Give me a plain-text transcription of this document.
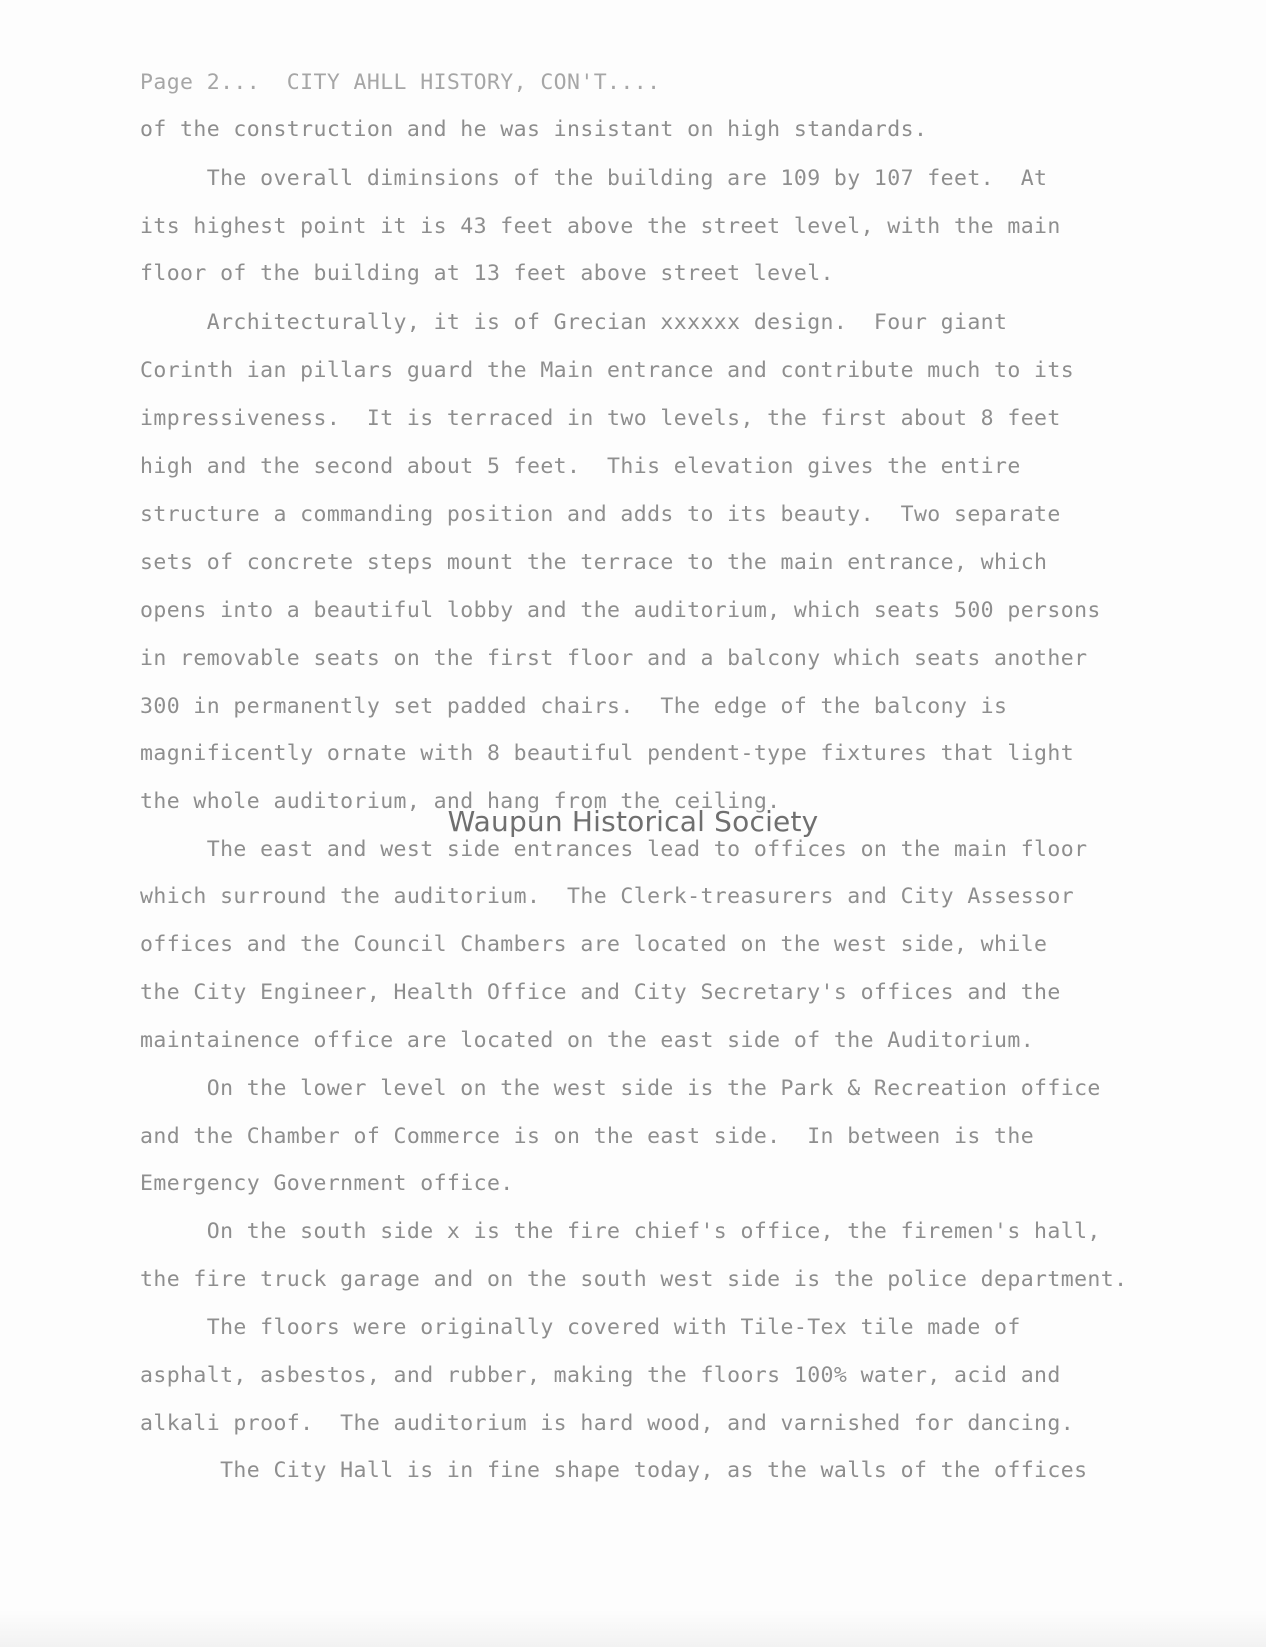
Page 2...  CITY AHLL HISTORY, CON'T....
of the construction and he was insistant on high standards.
The overall diminsions of the building are 109 by 107 feet.  At
its highest point it is 43 feet above the street level, with the main
floor of the building at 13 feet above street level.
Architecturally, it is of Grecian xxxxxx design.  Four giant
Corinth ian pillars guard the Main entrance and contribute much to its
impressiveness.  It is terraced in two levels, the first about 8 feet
high and the second about 5 feet.  This elevation gives the entire
structure a commanding position and adds to its beauty.  Two separate
sets of concrete steps mount the terrace to the main entrance, which
opens into a beautiful lobby and the auditorium, which seats 500 persons
in removable seats on the first floor and a balcony which seats another
300 in permanently set padded chairs.  The edge of the balcony is
magnificently ornate with 8 beautiful pendent-type fixtures that light
the whole auditorium, and hang from the ceiling.
The east and west side entrances lead to offices on the main floor
which surround the auditorium.  The Clerk-treasurers and City Assessor
offices and the Council Chambers are located on the west side, while
the City Engineer, Health Office and City Secretary's offices and the
maintainence office are located on the east side of the Auditorium.
On the lower level on the west side is the Park & Recreation office
and the Chamber of Commerce is on the east side.  In between is the
Emergency Government office.
On the south side x is the fire chief's office, the firemen's hall,
the fire truck garage and on the south west side is the police department.
The floors were originally covered with Tile-Tex tile made of
asphalt, asbestos, and rubber, making the floors 100% water, acid and
alkali proof.  The auditorium is hard wood, and varnished for dancing.
The City Hall is in fine shape today, as the walls of the offices
Waupun Historical Society
